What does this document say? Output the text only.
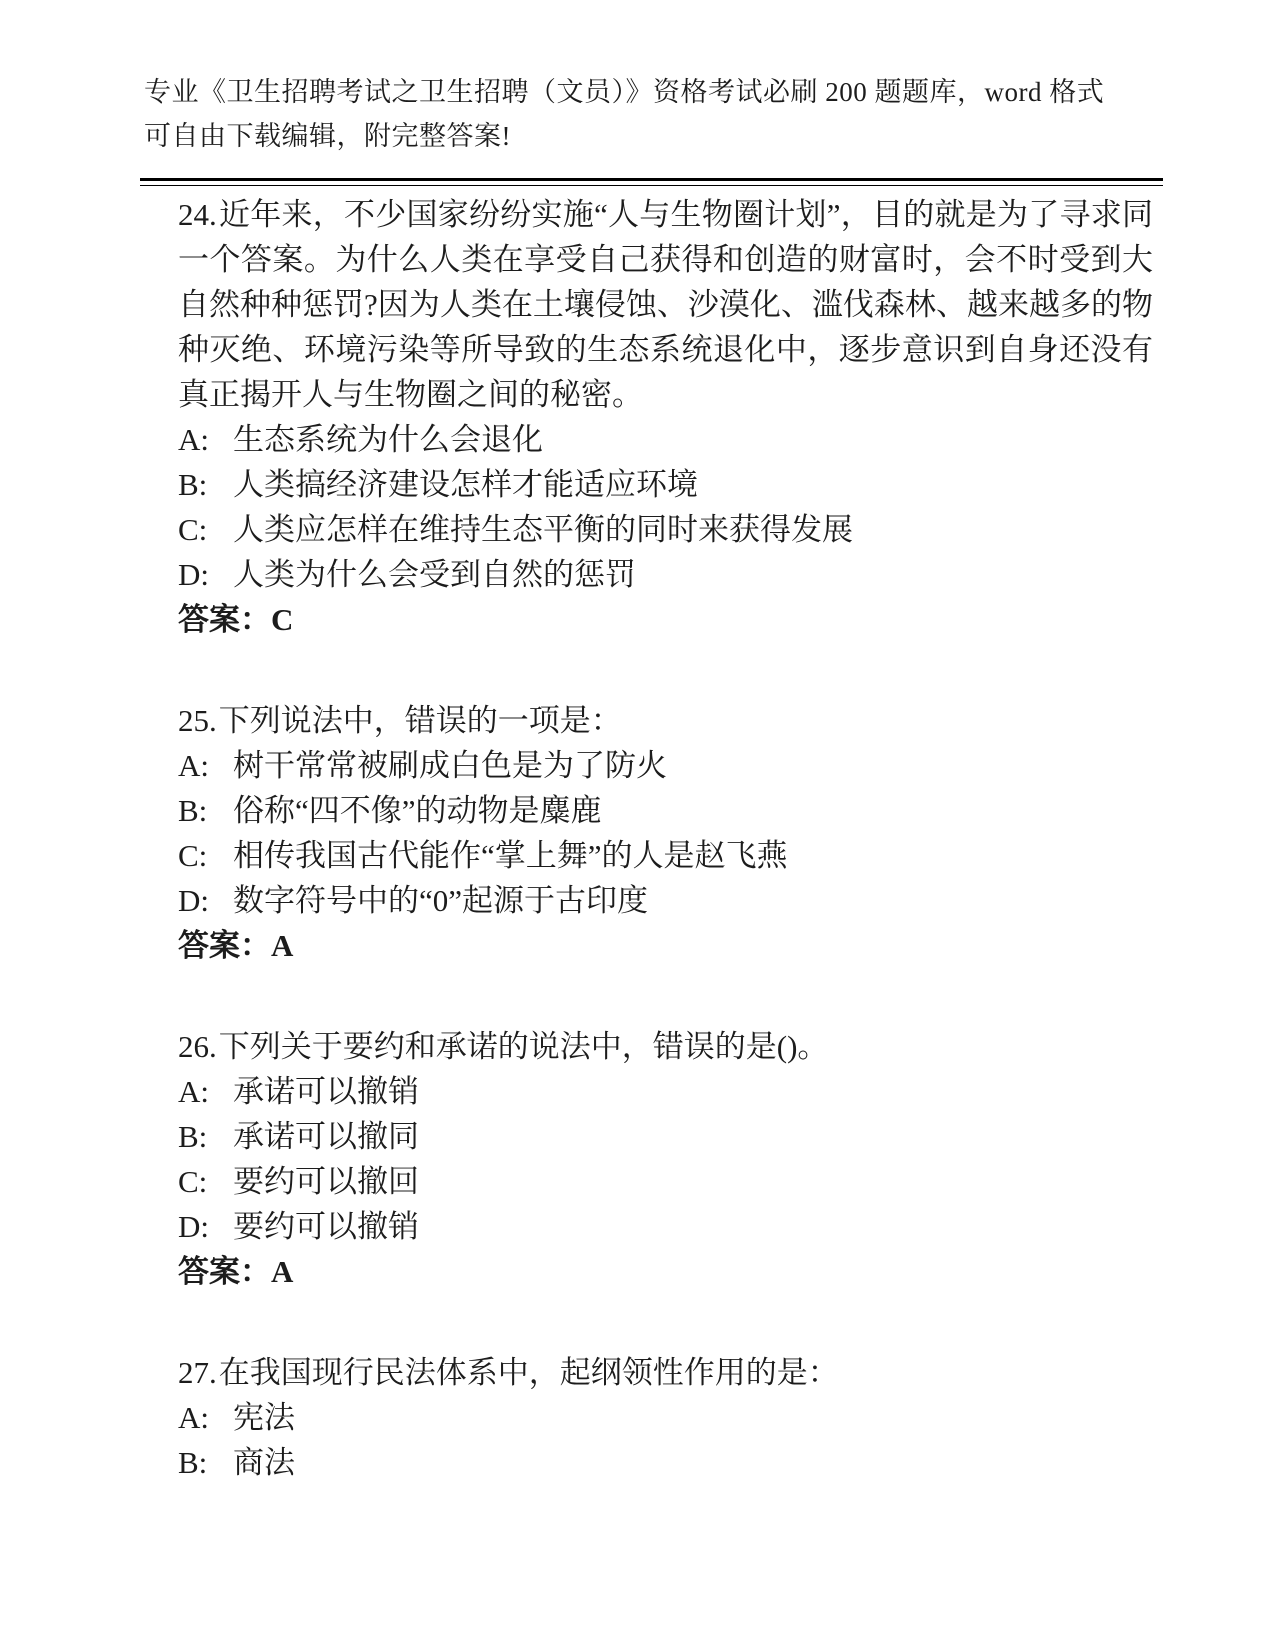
专业《卫生招聘考试之卫生招聘（文员）》资格考试必刷 200 题题库，word 格式
可自由下载编辑，附完整答案!

24.近年来，不少国家纷纷实施“人与生物圈计划”，目的就是为了寻求同一个答案。为什么人类在享受自己获得和创造的财富时，会不时受到大自然种种惩罚?因为人类在土壤侵蚀、沙漠化、滥伐森林、越来越多的物种灭绝、环境污染等所导致的生态系统退化中，逐步意识到自身还没有真正揭开人与生物圈之间的秘密。

A: 生态系统为什么会退化

B: 人类搞经济建设怎样才能适应环境

C: 人类应怎样在维持生态平衡的同时来获得发展

D: 人类为什么会受到自然的惩罚

答案：C

25.下列说法中，错误的一项是：

A: 树干常常被刷成白色是为了防火

B: 俗称“四不像”的动物是麋鹿

C: 相传我国古代能作“掌上舞”的人是赵飞燕

D: 数字符号中的“0”起源于古印度

答案：A

26.下列关于要约和承诺的说法中，错误的是()。

A: 承诺可以撤销

B: 承诺可以撤同

C: 要约可以撤回

D: 要约可以撤销

答案：A

27.在我国现行民法体系中，起纲领性作用的是：

A: 宪法

B: 商法
